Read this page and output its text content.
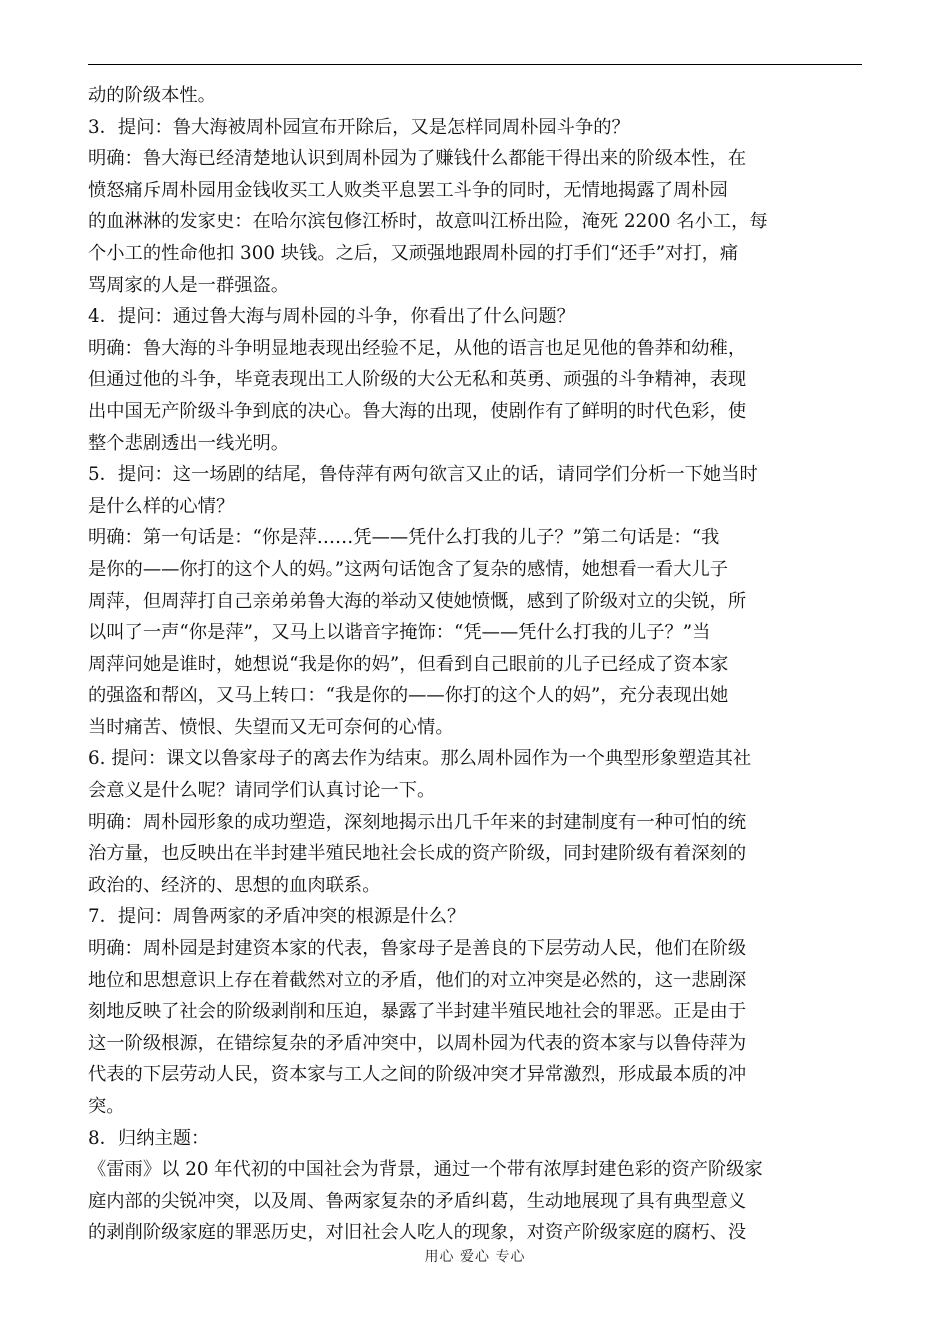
动的阶级本性。
3．提问：鲁大海被周朴园宣布开除后，又是怎样同周朴园斗争的？
明确：鲁大海已经清楚地认识到周朴园为了赚钱什么都能干得出来的阶级本性，在
愤怒痛斥周朴园用金钱收买工人败类平息罢工斗争的同时，无情地揭露了周朴园
的血淋淋的发家史：在哈尔滨包修江桥时，故意叫江桥出险，淹死 2200 名小工，每
个小工的性命他扣 300 块钱。之后，又顽强地跟周朴园的打手们“还手”对打，痛
骂周家的人是一群强盗。
4．提问：通过鲁大海与周朴园的斗争，你看出了什么问题？
明确：鲁大海的斗争明显地表现出经验不足，从他的语言也足见他的鲁莽和幼稚，
但通过他的斗争，毕竟表现出工人阶级的大公无私和英勇、顽强的斗争精神，表现
出中国无产阶级斗争到底的决心。鲁大海的出现，使剧作有了鲜明的时代色彩，使
整个悲剧透出一线光明。
5．提问：这一场剧的结尾，鲁侍萍有两句欲言又止的话，请同学们分析一下她当时
是什么样的心情？
明确：第一句话是：“你是萍……凭——凭什么打我的儿子？”第二句话是：“我
是你的——你打的这个人的妈。”这两句话饱含了复杂的感情，她想看一看大儿子
周萍，但周萍打自己亲弟弟鲁大海的举动又使她愤慨，感到了阶级对立的尖锐，所
以叫了一声“你是萍”，又马上以谐音字掩饰：“凭——凭什么打我的儿子？”当
周萍问她是谁时，她想说“我是你的妈”，但看到自己眼前的儿子已经成了资本家
的强盗和帮凶，又马上转口：“我是你的——你打的这个人的妈”，充分表现出她
当时痛苦、愤恨、失望而又无可奈何的心情。
6. 提问：课文以鲁家母子的离去作为结束。那么周朴园作为一个典型形象塑造其社
会意义是什么呢？请同学们认真讨论一下。
明确：周朴园形象的成功塑造，深刻地揭示出几千年来的封建制度有一种可怕的统
治方量，也反映出在半封建半殖民地社会长成的资产阶级，同封建阶级有着深刻的
政治的、经济的、思想的血肉联系。
7．提问：周鲁两家的矛盾冲突的根源是什么？
明确：周朴园是封建资本家的代表，鲁家母子是善良的下层劳动人民，他们在阶级
地位和思想意识上存在着截然对立的矛盾，他们的对立冲突是必然的，这一悲剧深
刻地反映了社会的阶级剥削和压迫，暴露了半封建半殖民地社会的罪恶。正是由于
这一阶级根源，在错综复杂的矛盾冲突中，以周朴园为代表的资本家与以鲁侍萍为
代表的下层劳动人民，资本家与工人之间的阶级冲突才异常激烈，形成最本质的冲
突。
8．归纳主题：
《雷雨》以 20 年代初的中国社会为背景，通过一个带有浓厚封建色彩的资产阶级家
庭内部的尖锐冲突，以及周、鲁两家复杂的矛盾纠葛，生动地展现了具有典型意义
的剥削阶级家庭的罪恶历史，对旧社会人吃人的现象，对资产阶级家庭的腐朽、没
用心 爱心 专心
